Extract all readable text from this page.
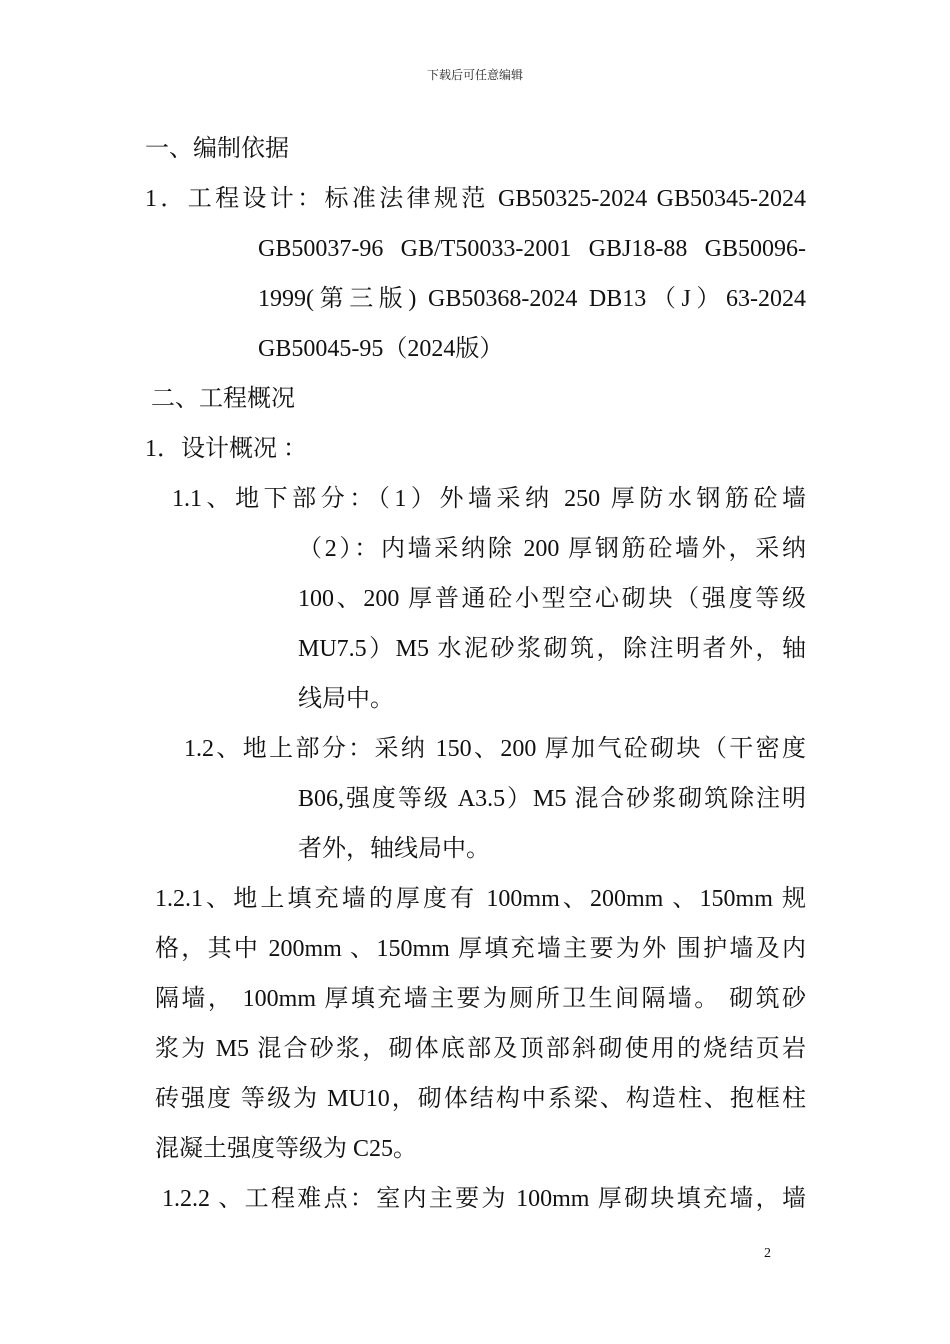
下载后可任意编辑
一、编制依据
1．工程设计：标准法律规范 GB50325-2024 GB50345-2024
GB50037-96 GB/T50033-2001 GBJ18-88 GB50096-
1999(第三版) GB50368-2024 DB13（J）63-2024
GB50045-95（2024版）
二、工程概况
1．设计概况 ：
1.1、地下部分：（1）外墙采纳 250 厚防水钢筋砼墙
（2）：内墙采纳除 200 厚钢筋砼墙外，采纳
100、200 厚普通砼小型空心砌块（强度等级
MU7.5）M5 水泥砂浆砌筑，除注明者外，轴
线局中。
1.2、地上部分：采纳 150、200 厚加气砼砌块（干密度
B06,强度等级 A3.5）M5 混合砂浆砌筑除注明
者外，轴线局中。
1.2.1、地上填充墙的厚度有 100mm、200mm 、150mm 规
格，其中 200mm 、150mm 厚填充墙主要为外 围护墙及内
隔墙， 100mm 厚填充墙主要为厕所卫生间隔墙。 砌筑砂
浆为 M5 混合砂浆，砌体底部及顶部斜砌使用的烧结页岩
砖强度 等级为 MU10，砌体结构中系梁、构造柱、抱框柱
混凝土强度等级为 C25。
1.2.2 、工程难点：室内主要为 100mm 厚砌块填充墙，墙
2
